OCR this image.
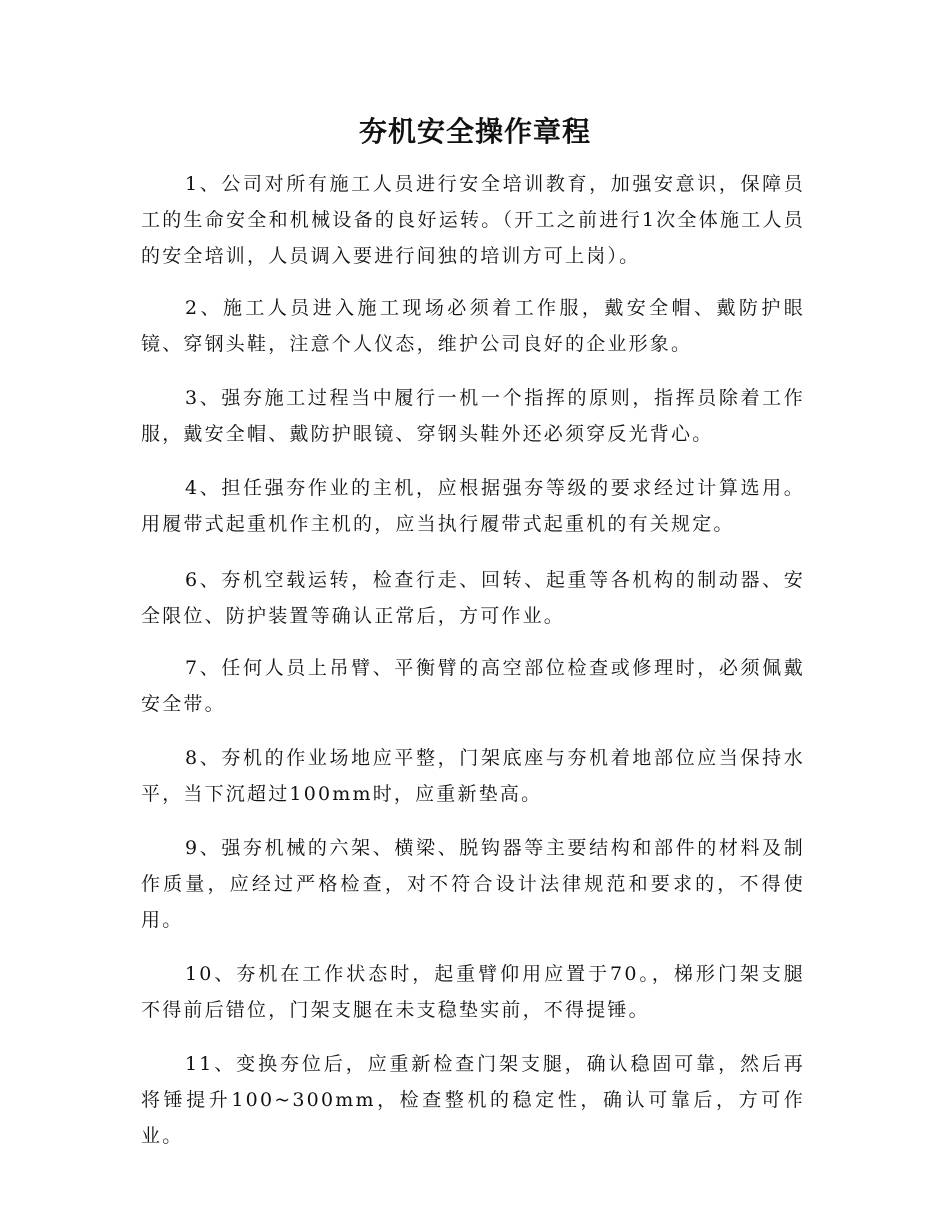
夯机安全操作章程
1、公司对所有施工人员进行安全培训教育，加强安意识，保障员工的生命安全和机械设备的良好运转。（开工之前进行1次全体施工人员的安全培训，人员调入要进行间独的培训方可上岗）。
2、施工人员进入施工现场必须着工作服，戴安全帽、戴防护眼镜、穿钢头鞋，注意个人仪态，维护公司良好的企业形象。
3、强夯施工过程当中履行一机一个指挥的原则，指挥员除着工作服，戴安全帽、戴防护眼镜、穿钢头鞋外还必须穿反光背心。
4、担任强夯作业的主机，应根据强夯等级的要求经过计算选用。用履带式起重机作主机的，应当执行履带式起重机的有关规定。
6、夯机空载运转，检查行走、回转、起重等各机构的制动器、安全限位、防护装置等确认正常后，方可作业。
7、任何人员上吊臂、平衡臂的高空部位检查或修理时，必须佩戴安全带。
8、夯机的作业场地应平整，门架底座与夯机着地部位应当保持水平，当下沉超过100mm时，应重新垫高。
9、强夯机械的六架、横梁、脱钩器等主要结构和部件的材料及制作质量，应经过严格检查，对不符合设计法律规范和要求的，不得使用。
10、夯机在工作状态时，起重臂仰用应置于70。，梯形门架支腿不得前后错位，门架支腿在未支稳垫实前，不得提锤。
11、变换夯位后，应重新检查门架支腿，确认稳固可靠，然后再将锤提升100~300mm，检查整机的稳定性，确认可靠后，方可作业。
